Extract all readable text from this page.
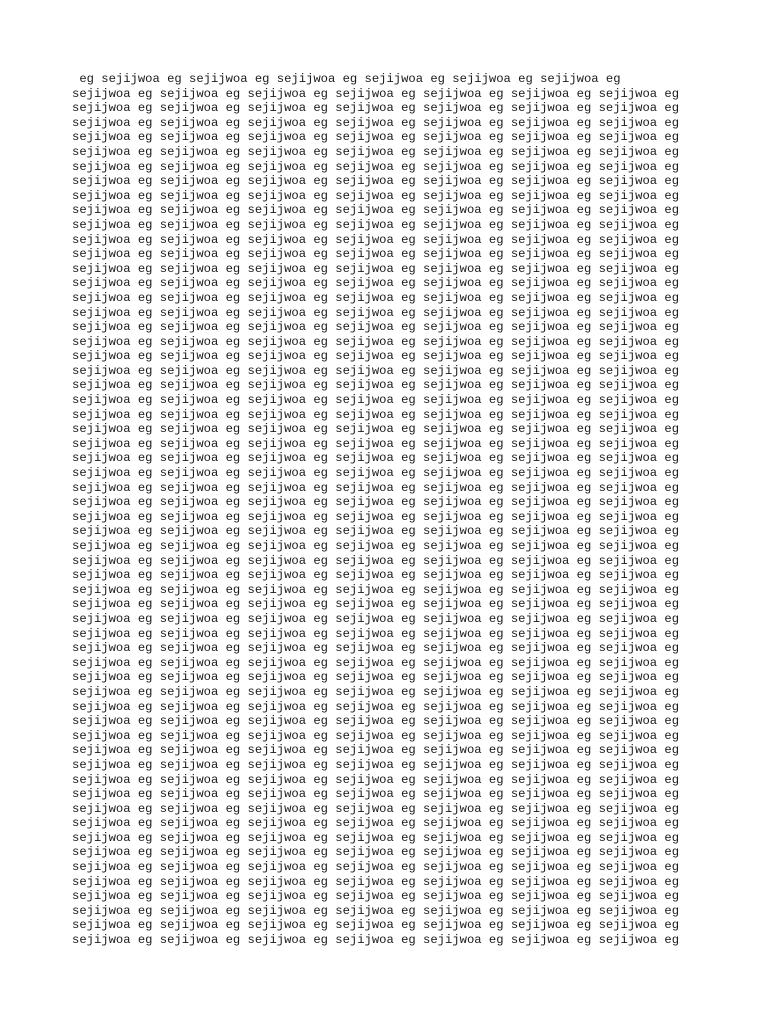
eg sejijwoa eg sejijwoa eg sejijwoa eg sejijwoa eg sejijwoa eg sejijwoa eg
sejijwoa eg sejijwoa eg sejijwoa eg sejijwoa eg sejijwoa eg sejijwoa eg sejijwoa eg
sejijwoa eg sejijwoa eg sejijwoa eg sejijwoa eg sejijwoa eg sejijwoa eg sejijwoa eg
sejijwoa eg sejijwoa eg sejijwoa eg sejijwoa eg sejijwoa eg sejijwoa eg sejijwoa eg
sejijwoa eg sejijwoa eg sejijwoa eg sejijwoa eg sejijwoa eg sejijwoa eg sejijwoa eg
sejijwoa eg sejijwoa eg sejijwoa eg sejijwoa eg sejijwoa eg sejijwoa eg sejijwoa eg
sejijwoa eg sejijwoa eg sejijwoa eg sejijwoa eg sejijwoa eg sejijwoa eg sejijwoa eg
sejijwoa eg sejijwoa eg sejijwoa eg sejijwoa eg sejijwoa eg sejijwoa eg sejijwoa eg
sejijwoa eg sejijwoa eg sejijwoa eg sejijwoa eg sejijwoa eg sejijwoa eg sejijwoa eg
sejijwoa eg sejijwoa eg sejijwoa eg sejijwoa eg sejijwoa eg sejijwoa eg sejijwoa eg
sejijwoa eg sejijwoa eg sejijwoa eg sejijwoa eg sejijwoa eg sejijwoa eg sejijwoa eg
sejijwoa eg sejijwoa eg sejijwoa eg sejijwoa eg sejijwoa eg sejijwoa eg sejijwoa eg
sejijwoa eg sejijwoa eg sejijwoa eg sejijwoa eg sejijwoa eg sejijwoa eg sejijwoa eg
sejijwoa eg sejijwoa eg sejijwoa eg sejijwoa eg sejijwoa eg sejijwoa eg sejijwoa eg
sejijwoa eg sejijwoa eg sejijwoa eg sejijwoa eg sejijwoa eg sejijwoa eg sejijwoa eg
sejijwoa eg sejijwoa eg sejijwoa eg sejijwoa eg sejijwoa eg sejijwoa eg sejijwoa eg
sejijwoa eg sejijwoa eg sejijwoa eg sejijwoa eg sejijwoa eg sejijwoa eg sejijwoa eg
sejijwoa eg sejijwoa eg sejijwoa eg sejijwoa eg sejijwoa eg sejijwoa eg sejijwoa eg
sejijwoa eg sejijwoa eg sejijwoa eg sejijwoa eg sejijwoa eg sejijwoa eg sejijwoa eg
sejijwoa eg sejijwoa eg sejijwoa eg sejijwoa eg sejijwoa eg sejijwoa eg sejijwoa eg
sejijwoa eg sejijwoa eg sejijwoa eg sejijwoa eg sejijwoa eg sejijwoa eg sejijwoa eg
sejijwoa eg sejijwoa eg sejijwoa eg sejijwoa eg sejijwoa eg sejijwoa eg sejijwoa eg
sejijwoa eg sejijwoa eg sejijwoa eg sejijwoa eg sejijwoa eg sejijwoa eg sejijwoa eg
sejijwoa eg sejijwoa eg sejijwoa eg sejijwoa eg sejijwoa eg sejijwoa eg sejijwoa eg
sejijwoa eg sejijwoa eg sejijwoa eg sejijwoa eg sejijwoa eg sejijwoa eg sejijwoa eg
sejijwoa eg sejijwoa eg sejijwoa eg sejijwoa eg sejijwoa eg sejijwoa eg sejijwoa eg
sejijwoa eg sejijwoa eg sejijwoa eg sejijwoa eg sejijwoa eg sejijwoa eg sejijwoa eg
sejijwoa eg sejijwoa eg sejijwoa eg sejijwoa eg sejijwoa eg sejijwoa eg sejijwoa eg
sejijwoa eg sejijwoa eg sejijwoa eg sejijwoa eg sejijwoa eg sejijwoa eg sejijwoa eg
sejijwoa eg sejijwoa eg sejijwoa eg sejijwoa eg sejijwoa eg sejijwoa eg sejijwoa eg
sejijwoa eg sejijwoa eg sejijwoa eg sejijwoa eg sejijwoa eg sejijwoa eg sejijwoa eg
sejijwoa eg sejijwoa eg sejijwoa eg sejijwoa eg sejijwoa eg sejijwoa eg sejijwoa eg
sejijwoa eg sejijwoa eg sejijwoa eg sejijwoa eg sejijwoa eg sejijwoa eg sejijwoa eg
sejijwoa eg sejijwoa eg sejijwoa eg sejijwoa eg sejijwoa eg sejijwoa eg sejijwoa eg
sejijwoa eg sejijwoa eg sejijwoa eg sejijwoa eg sejijwoa eg sejijwoa eg sejijwoa eg
sejijwoa eg sejijwoa eg sejijwoa eg sejijwoa eg sejijwoa eg sejijwoa eg sejijwoa eg
sejijwoa eg sejijwoa eg sejijwoa eg sejijwoa eg sejijwoa eg sejijwoa eg sejijwoa eg
sejijwoa eg sejijwoa eg sejijwoa eg sejijwoa eg sejijwoa eg sejijwoa eg sejijwoa eg
sejijwoa eg sejijwoa eg sejijwoa eg sejijwoa eg sejijwoa eg sejijwoa eg sejijwoa eg
sejijwoa eg sejijwoa eg sejijwoa eg sejijwoa eg sejijwoa eg sejijwoa eg sejijwoa eg
sejijwoa eg sejijwoa eg sejijwoa eg sejijwoa eg sejijwoa eg sejijwoa eg sejijwoa eg
sejijwoa eg sejijwoa eg sejijwoa eg sejijwoa eg sejijwoa eg sejijwoa eg sejijwoa eg
sejijwoa eg sejijwoa eg sejijwoa eg sejijwoa eg sejijwoa eg sejijwoa eg sejijwoa eg
sejijwoa eg sejijwoa eg sejijwoa eg sejijwoa eg sejijwoa eg sejijwoa eg sejijwoa eg
sejijwoa eg sejijwoa eg sejijwoa eg sejijwoa eg sejijwoa eg sejijwoa eg sejijwoa eg
sejijwoa eg sejijwoa eg sejijwoa eg sejijwoa eg sejijwoa eg sejijwoa eg sejijwoa eg
sejijwoa eg sejijwoa eg sejijwoa eg sejijwoa eg sejijwoa eg sejijwoa eg sejijwoa eg
sejijwoa eg sejijwoa eg sejijwoa eg sejijwoa eg sejijwoa eg sejijwoa eg sejijwoa eg
sejijwoa eg sejijwoa eg sejijwoa eg sejijwoa eg sejijwoa eg sejijwoa eg sejijwoa eg
sejijwoa eg sejijwoa eg sejijwoa eg sejijwoa eg sejijwoa eg sejijwoa eg sejijwoa eg
sejijwoa eg sejijwoa eg sejijwoa eg sejijwoa eg sejijwoa eg sejijwoa eg sejijwoa eg
sejijwoa eg sejijwoa eg sejijwoa eg sejijwoa eg sejijwoa eg sejijwoa eg sejijwoa eg
sejijwoa eg sejijwoa eg sejijwoa eg sejijwoa eg sejijwoa eg sejijwoa eg sejijwoa eg
sejijwoa eg sejijwoa eg sejijwoa eg sejijwoa eg sejijwoa eg sejijwoa eg sejijwoa eg
sejijwoa eg sejijwoa eg sejijwoa eg sejijwoa eg sejijwoa eg sejijwoa eg sejijwoa eg
sejijwoa eg sejijwoa eg sejijwoa eg sejijwoa eg sejijwoa eg sejijwoa eg sejijwoa eg
sejijwoa eg sejijwoa eg sejijwoa eg sejijwoa eg sejijwoa eg sejijwoa eg sejijwoa eg
sejijwoa eg sejijwoa eg sejijwoa eg sejijwoa eg sejijwoa eg sejijwoa eg sejijwoa eg
sejijwoa eg sejijwoa eg sejijwoa eg sejijwoa eg sejijwoa eg sejijwoa eg sejijwoa eg
sejijwoa eg sejijwoa eg sejijwoa eg sejijwoa eg sejijwoa eg sejijwoa eg sejijwoa eg
